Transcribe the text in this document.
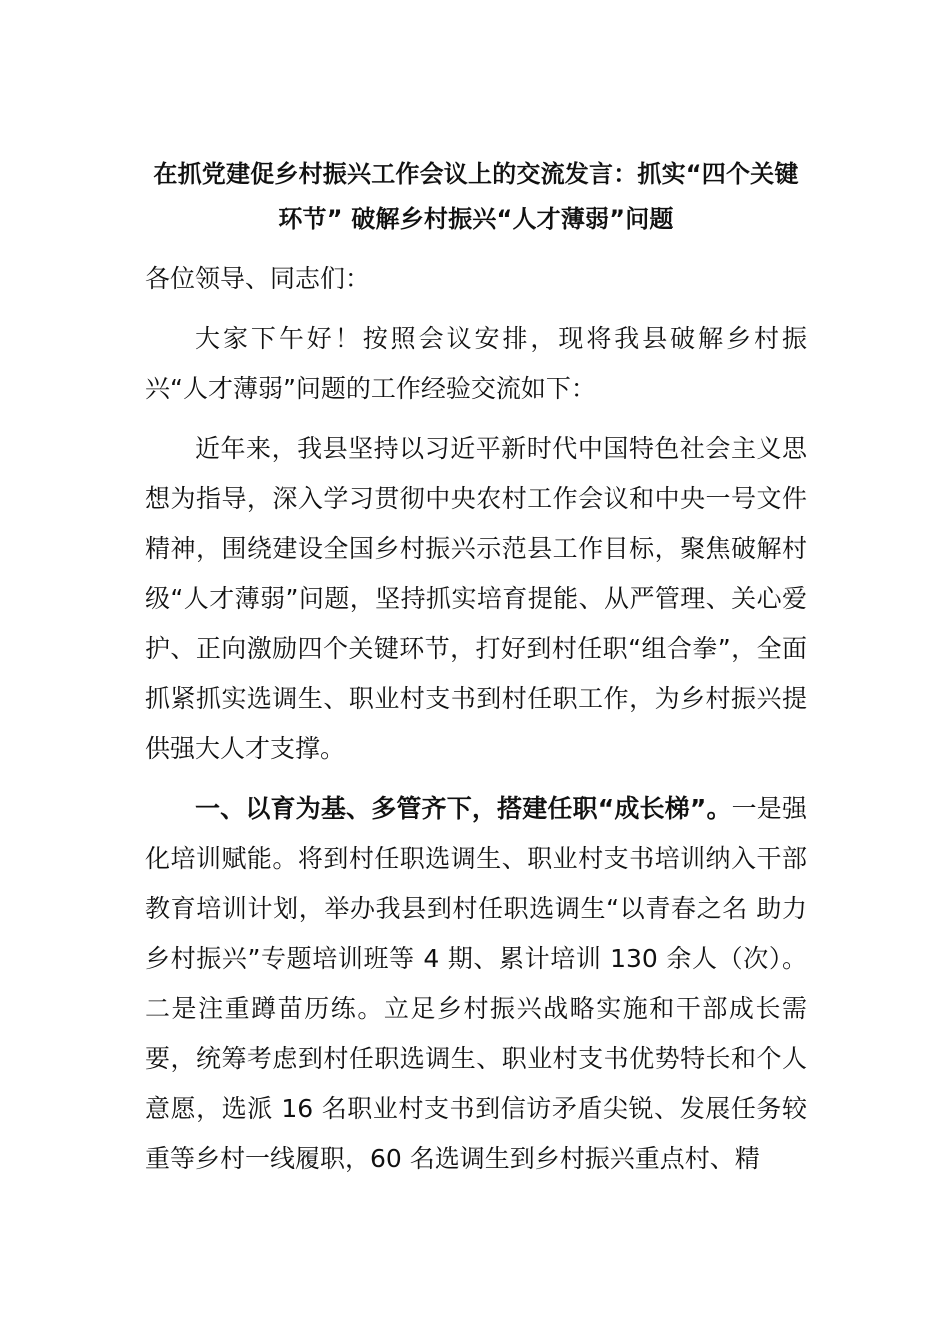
在抓党建促乡村振兴工作会议上的交流发言：抓实“四个关键环节” 破解乡村振兴“人才薄弱”问题

各位领导、同志们：

大家下午好！按照会议安排，现将我县破解乡村振兴“人才薄弱”问题的工作经验交流如下：

近年来，我县坚持以习近平新时代中国特色社会主义思想为指导，深入学习贯彻中央农村工作会议和中央一号文件精神，围绕建设全国乡村振兴示范县工作目标，聚焦破解村级“人才薄弱”问题，坚持抓实培育提能、从严管理、关心爱护、正向激励四个关键环节，打好到村任职“组合拳”，全面抓紧抓实选调生、职业村支书到村任职工作，为乡村振兴提供强大人才支撑。

一、以育为基、多管齐下，搭建任职“成长梯”。一是强化培训赋能。将到村任职选调生、职业村支书培训纳入干部教育培训计划，举办我县到村任职选调生“以青春之名 助力乡村振兴”专题培训班等 4 期、累计培训 130 余人（次）。二是注重蹲苗历练。立足乡村振兴战略实施和干部成长需要，统筹考虑到村任职选调生、职业村支书优势特长和个人意愿，选派 16 名职业村支书到信访矛盾尖锐、发展任务较重等乡村一线履职，60 名选调生到乡村振兴重点村、精
